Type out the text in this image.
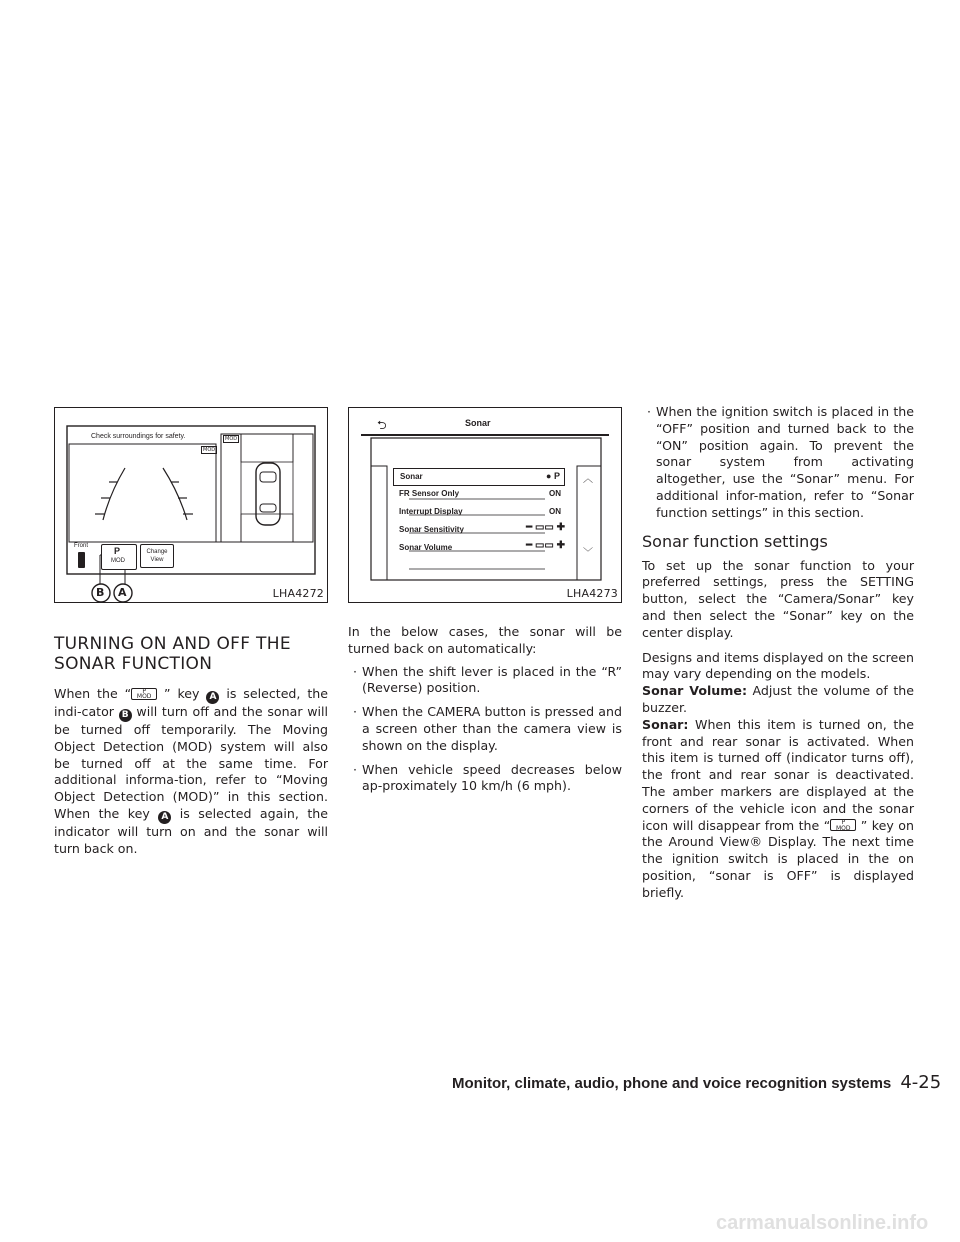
Check surroundings for safety.	MOD
MOD
Front	P
MOD
Change
View
B A	LHA4272
⮌	Sonar
︿
﹀
Sonar	● P
FR Sensor Only	ON
Interrupt Display	ON
Sonar Sensitivity	━ ▭▭ ✚
Sonar Volume	━ ▭▭ ✚
LHA4273
TURNING ON AND OFF THE
SONAR FUNCTION

When the “ P
MOD ” key A is selected, the indi-cator B will turn off and the sonar will be turned off temporarily. The Moving Object Detection (MOD) system will also be turned off at the same time. For additional informa-tion, refer to “Moving Object Detection (MOD)” in this section. When the key A is selected again, the indicator will turn on and the sonar will turn back on.

In the below cases, the sonar will be turned back on automatically:

· When the shift lever is placed in the “R” (Reverse) position.
· When the CAMERA button is pressed and a screen other than the camera view is shown on the display.
· When vehicle speed decreases below ap-proximately 10 km/h (6 mph).
· When the ignition switch is placed in the “OFF” position and turned back to the “ON” position again. To prevent the sonar system from activating altogether, use the “Sonar” menu. For additional infor-mation, refer to “Sonar function settings” in this section.
Sonar function settings

To set up the sonar function to your preferred settings, press the SETTING button, select the “Camera/Sonar” key and then select the “Sonar” key on the center display.

Designs and items displayed on the screen may vary depending on the models.

Sonar Volume: Adjust the volume of the buzzer.

Sonar: When this item is turned on, the front and rear sonar is activated. When this item is turned off (indicator turns off), the front and rear sonar is deactivated. The amber markers are displayed at the corners of the vehicle icon and the sonar icon will disappear from the “ P
MOD ” key on the Around View® Display. The next time the ignition switch is placed in the on position, “sonar is OFF” is displayed briefly.

Monitor, climate, audio, phone and voice recognition systems 4-25
carmanualsonline.info
